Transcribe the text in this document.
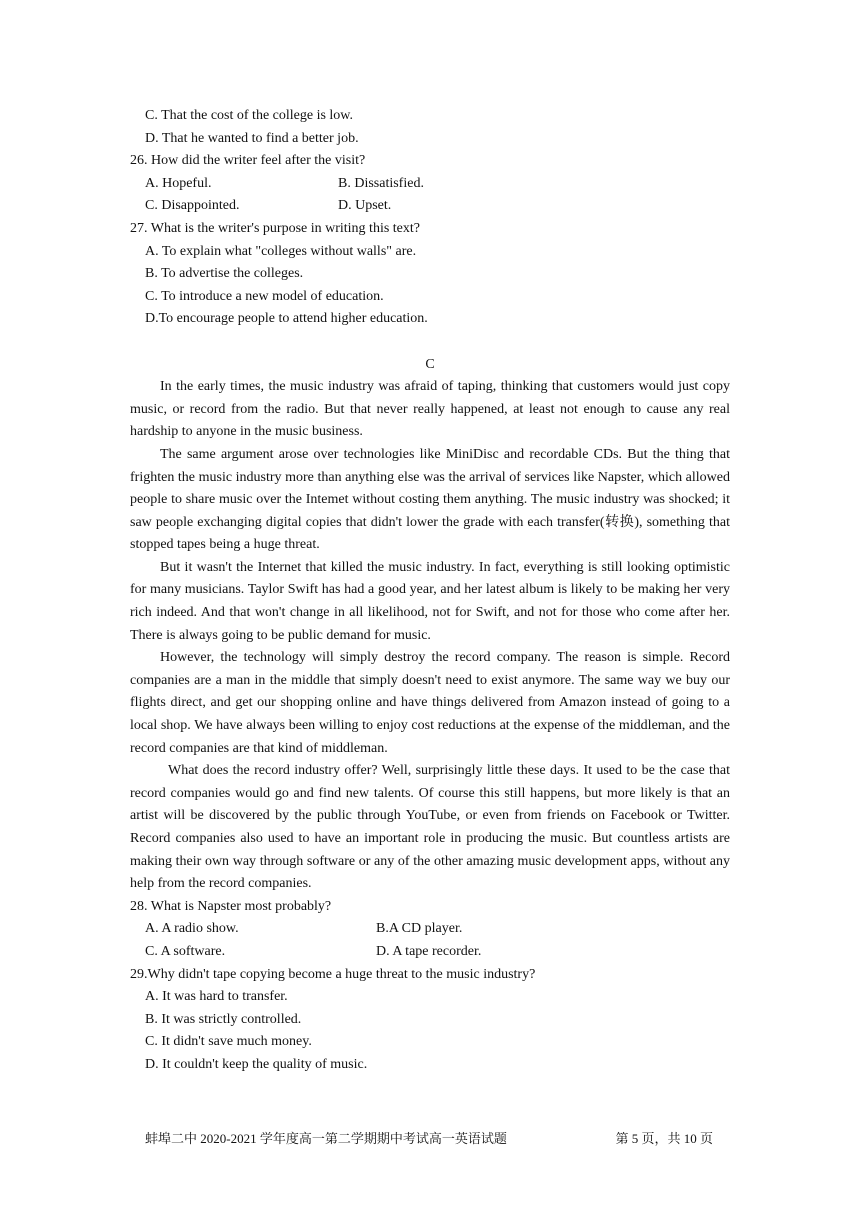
C. That the cost of the college is low.
D. That he wanted to find a better job.
26. How did the writer feel after the visit?
A. Hopeful.	B. Dissatisfied.
C. Disappointed.	D. Upset.
27. What is the writer's purpose in writing this text?
A. To explain what "colleges without walls" are.
B. To advertise the colleges.
C. To introduce a new model of education.
D.To encourage people to attend higher education.
C

In the early times, the music industry was afraid of taping, thinking that customers would just copy music, or record from the radio. But that never really happened, at least not enough to cause any real hardship to anyone in the music business.

The same argument arose over technologies like MiniDisc and recordable CDs. But the thing that frighten the music industry more than anything else was the arrival of services like Napster, which allowed people to share music over the Intemet without costing them anything. The music industry was shocked; it saw people exchanging digital copies that didn't lower the grade with each transfer(转换), something that stopped tapes being a huge threat.

But it wasn't the Internet that killed the music industry. In fact, everything is still looking optimistic for many musicians. Taylor Swift has had a good year, and her latest album is likely to be making her very rich indeed. And that won't change in all likelihood, not for Swift, and not for those who come after her. There is always going to be public demand for music.

However, the technology will simply destroy the record company. The reason is simple. Record companies are a man in the middle that simply doesn't need to exist anymore. The same way we buy our flights direct, and get our shopping online and have things delivered from Amazon instead of going to a local shop. We have always been willing to enjoy cost reductions at the expense of the middleman, and the record companies are that kind of middleman.

What does the record industry offer? Well, surprisingly little these days. It used to be the case that record companies would go and find new talents. Of course this still happens, but more likely is that an artist will be discovered by the public through YouTube, or even from friends on Facebook or Twitter. Record companies also used to have an important role in producing the music. But countless artists are making their own way through software or any of the other amazing music development apps, without any help from the record companies.

28. What is Napster most probably?
A. A radio show.	B.A CD player.
C. A software.	D. A tape recorder.
29.Why didn't tape copying become a huge threat to the music industry?
A. It was hard to transfer.
B. It was strictly controlled.
C. It didn't save much money.
D. It couldn't keep the quality of music.
蚌埠二中 2020-2021 学年度高一第二学期期中考试高一英语试题	第 5 页，共 10 页
